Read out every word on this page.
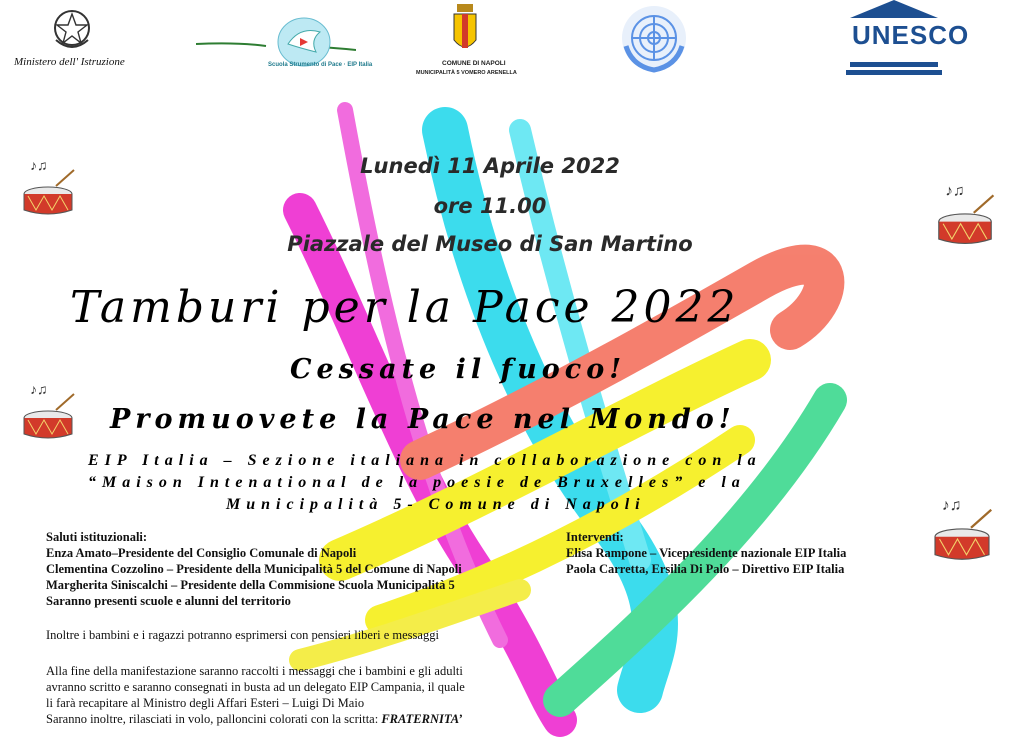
Ministero dell' Istruzione	Scuola Strumento di Pace · EIP Italia	COMUNE DI NAPOLI
MUNICIPALITÀ 5 VOMERO ARENELLA
UNESCO
♪♫
♪♫
♪♫
♪♫
Lunedì 11 Aprile 2022
ore 11.00
Piazzale del Museo di San Martino
Tamburi per la Pace 2022
Cessate il fuoco!
Promuovete la Pace nel Mondo!
EIP Italia – Sezione italiana in collaborazione con la
“Maison Intenational de la poesie de Bruxelles” e la
Municipalità 5- Comune di Napoli
Saluti istituzionali:
Enza Amato–Presidente del Consiglio Comunale di Napoli
Clementina Cozzolino – Presidente della Municipalità 5 del Comune di Napoli
Margherita Siniscalchi – Presidente della Commisione Scuola Municipalità 5
Saranno presenti scuole e alunni del territorio
Interventi:
Elisa Rampone – Vicepresidente nazionale EIP Italia
Paola Carretta, Ersilia Di Palo – Direttivo EIP Italia
Inoltre i bambini e i ragazzi potranno esprimersi con pensieri liberi e messaggi
Alla fine della manifestazione saranno raccolti i messaggi che i bambini e gli adulti
avranno scritto e saranno consegnati in busta ad un delegato EIP Campania, il quale
li farà recapitare al Ministro degli Affari Esteri – Luigi Di Maio
Saranno inoltre, rilasciati in volo, palloncini colorati con la scritta: FRATERNITA’
